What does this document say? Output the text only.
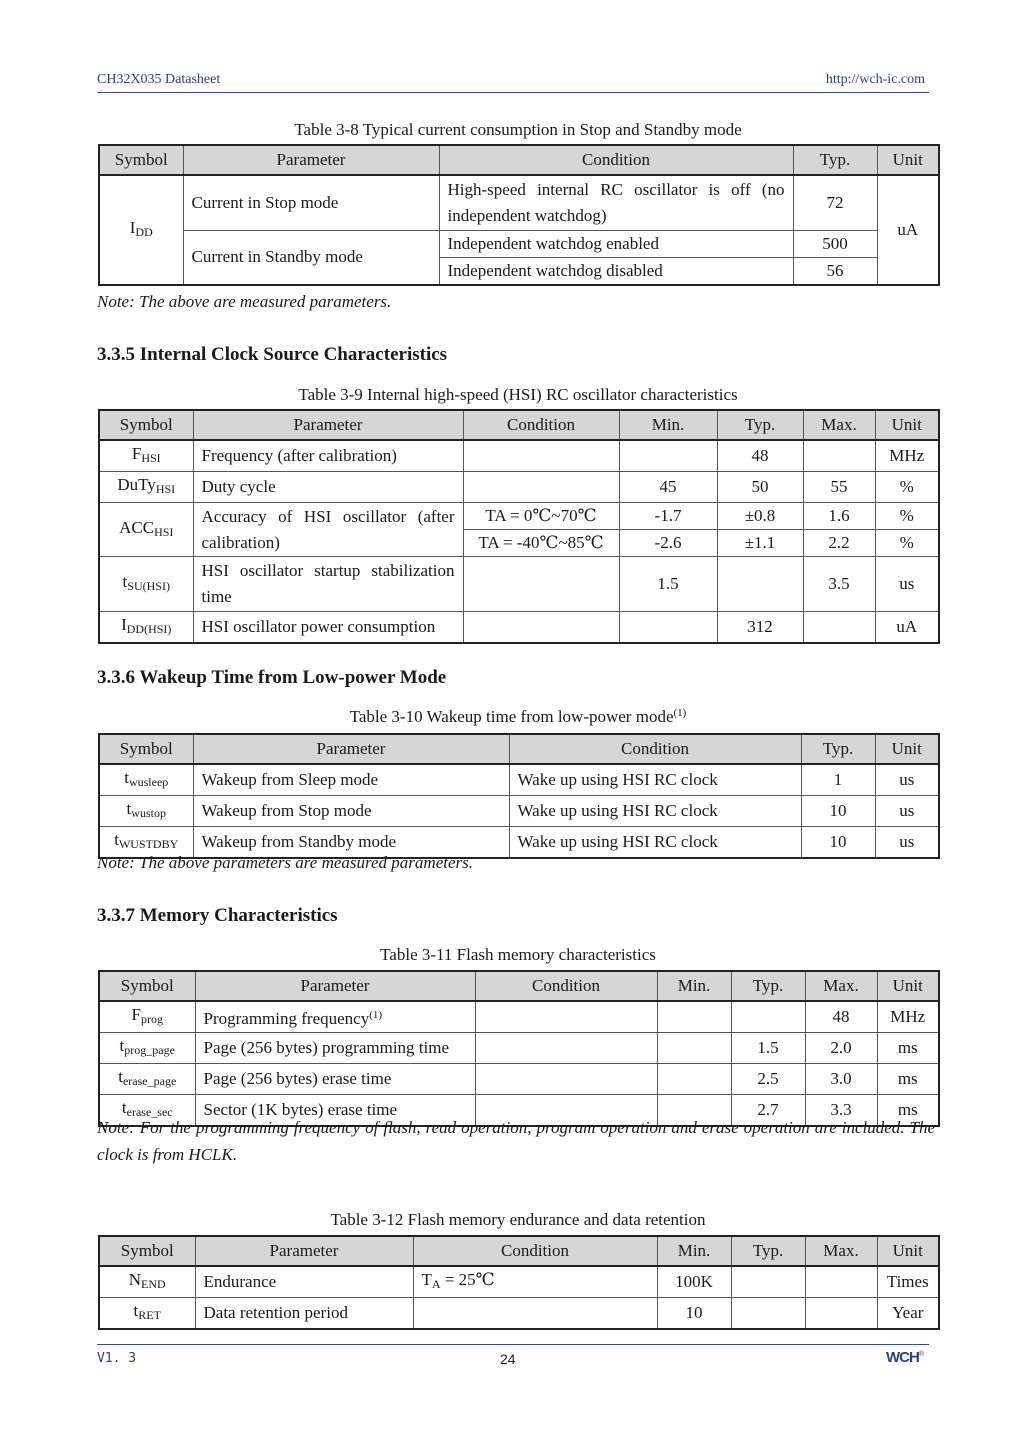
CH32X035 Datasheet	http://wch-ic.com
Table 3-8 Typical current consumption in Stop and Standby mode
Symbol	Parameter	Condition	Typ.	Unit
$I_{DD}$	Current in Stop mode	High-speed internal RC oscillator is off (no independent watchdog)	72	uA
	Current in Standby mode	Independent watchdog enabled	500	
		Independent watchdog disabled	56	
Note: The above are measured parameters.
3.3.5 Internal Clock Source Characteristics
Table 3-9 Internal high-speed (HSI) RC oscillator characteristics
Symbol	Parameter	Condition	Min.	Typ.	Max.	Unit
$F_{HSI}$	Frequency (after calibration)			48		MHz
DuTy$_{HSI}$	Duty cycle		45	50	55	%
$ACC_{HSI}$	Accuracy of HSI oscillator (after calibration)	TA = 0℃~70℃	-1.7	±0.8	1.6	%
		TA = -40℃~85℃	-2.6	±1.1	2.2	%
$t_{SU(HSI)}$	HSI oscillator startup stabilization time		1.5		3.5	us
$I_{DD(HSI)}$	HSI oscillator power consumption			312		uA
3.3.6 Wakeup Time from Low-power Mode
Table 3-10 Wakeup time from low-power mode$^{(1)}$
Symbol	Parameter	Condition	Typ.	Unit
$t_{wusleep}$	Wakeup from Sleep mode	Wake up using HSI RC clock	1	us
$t_{wustop}$	Wakeup from Stop mode	Wake up using HSI RC clock	10	us
$t_{WUSTDBY}$	Wakeup from Standby mode	Wake up using HSI RC clock	10	us
Note: The above parameters are measured parameters.
3.3.7 Memory Characteristics
Table 3-11 Flash memory characteristics
Symbol	Parameter	Condition	Min.	Typ.	Max.	Unit
$F_{prog}$	Programming frequency$^{(1)}$				48	MHz
$t_{prog\_page}$	Page (256 bytes) programming time			1.5	2.0	ms
$t_{erase\_page}$	Page (256 bytes) erase time			2.5	3.0	ms
$t_{erase\_sec}$	Sector (1K bytes) erase time			2.7	3.3	ms
Note: For the programming frequency of flash, read operation, program operation and erase operation are included. The clock is from HCLK.
Table 3-12 Flash memory endurance and data retention
Symbol	Parameter	Condition	Min.	Typ.	Max.	Unit
$N_{END}$	Endurance	$T_A$ = 25℃	100K			Times
$t_{RET}$	Data retention period		10			Year
V1. 3	24	WCH®
